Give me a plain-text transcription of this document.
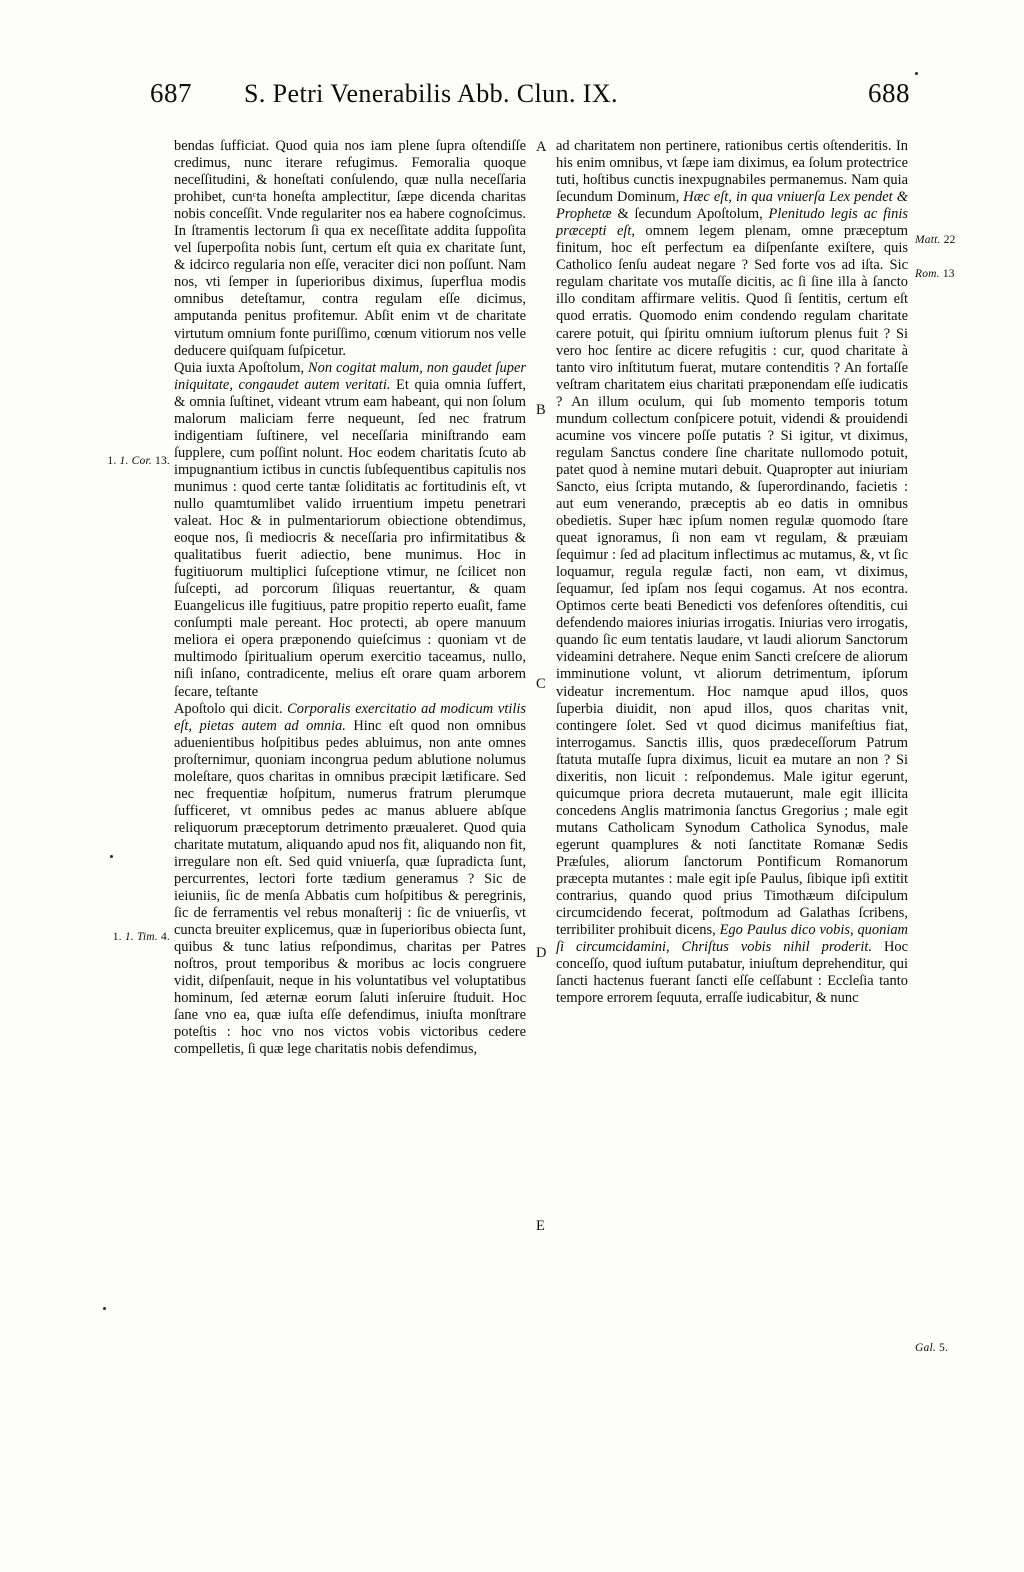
687	S. Petri Venerabilis Abb. Clun. IX.	688
1. 1. Cor. 13.
1. 1. Tim. 4.
Matt. 22
Rom. 13
Gal. 5.
A
B
C
D
E

bendas ſufficiat. Quod quia nos iam plene ſupra oſtendiſſe credimus, nunc iterare refugimus. Femoralia quoque neceſſitudini, & honeſtati conſulendo, quæ nulla neceſſaria prohibet, cunᶜta honeſta amplectitur, ſæpe dicenda charitas nobis conceſſit. Vnde regulariter nos ea habere cognoſcimus. In ſtramentis lectorum ſi qua ex neceſſitate addita ſuppoſita vel ſuperpoſita nobis ſunt, certum eſt quia ex charitate ſunt, & idcirco regularia non eſſe, veraciter dici non poſſunt. Nam nos, vti ſemper in ſuperioribus diximus, ſuperflua modis omnibus deteſtamur, contra regulam eſſe dicimus, amputanda penitus profitemur. Abſit enim vt de charitate virtutum omnium fonte puriſſimo, cœnum vitiorum nos velle deducere quiſquam ſuſpicetur.

Quia iuxta Apoſtolum, Non cogitat malum, non gaudet ſuper iniquitate, congaudet autem veritati. Et quia omnia ſuffert, & omnia ſuſtinet, videant vtrum eam habeant, qui non ſolum malorum maliciam ferre nequeunt, ſed nec fratrum indigentiam ſuſtinere, vel neceſſaria miniſtrando eam ſupplere, cum poſſint nolunt. Hoc eodem charitatis ſcuto ab impugnantium ictibus in cunctis ſubſequentibus capitulis nos munimus : quod certe tantæ ſoliditatis ac fortitudinis eſt, vt nullo quamtumlibet valido irruentium impetu penetrari valeat. Hoc & in pulmentariorum obiectione obtendimus, eoque nos, ſi mediocris & neceſſaria pro infirmitatibus & qualitatibus fuerit adiectio, bene munimus. Hoc in fugitiuorum multiplici ſuſceptione vtimur, ne ſcilicet non ſuſcepti, ad porcorum ſiliquas reuertantur, & quam Euangelicus ille fugitiuus, patre propitio reperto euaſit, fame conſumpti male pereant. Hoc protecti, ab opere manuum meliora ei opera præponendo quieſcimus : quoniam vt de multimodo ſpiritualium operum exercitio taceamus, nullo, niſi inſano, contradicente, melius eſt orare quam arborem ſecare, teſtante

Apoſtolo qui dicit. Corporalis exercitatio ad modicum vtilis eſt, pietas autem ad omnia. Hinc eſt quod non omnibus aduenientibus hoſpitibus pedes abluimus, non ante omnes proſternimur, quoniam incongrua pedum ablutione nolumus moleſtare, quos charitas in omnibus præcipit lætificare. Sed nec frequentiæ hoſpitum, numerus fratrum plerumque ſufficeret, vt omnibus pedes ac manus abluere abſque reliquorum præceptorum detrimento præualeret. Quod quia charitate mutatum, aliquando apud nos fit, aliquando non fit, irregulare non eſt. Sed quid vniuerſa, quæ ſupradicta ſunt, percurrentes, lectori forte tædium generamus ? Sic de ieiuniis, ſic de menſa Abbatis cum hoſpitibus & peregrinis, ſic de ferramentis vel rebus monaſterij : ſic de vniuerſis, vt cuncta breuiter explicemus, quæ in ſuperioribus obiecta ſunt, quibus & tunc latius reſpondimus, charitas per Patres noſtros, prout temporibus & moribus ac locis congruere vidit, diſpenſauit, neque in his voluntatibus vel voluptatibus hominum, ſed æternæ eorum ſaluti inſeruire ſtuduit. Hoc ſane vno ea, quæ iuſta eſſe defendimus, iniuſta monſtrare poteſtis : hoc vno nos victos vobis victoribus cedere compelletis, ſi quæ lege charitatis nobis defendimus,

ad charitatem non pertinere, rationibus certis oſtenderitis. In his enim omnibus, vt ſæpe iam diximus, ea ſolum protectrice tuti, hoſtibus cunctis inexpugnabiles permanemus. Nam quia ſecundum Dominum, Hæc eſt, in qua vniuerſa Lex pendet & Prophetæ & ſecundum Apoſtolum, Plenitudo legis ac finis præcepti eſt, omnem legem plenam, omne præceptum finitum, hoc eſt perfectum ea diſpenſante exiſtere, quis Catholico ſenſu audeat negare ? Sed forte vos ad iſta. Sic regulam charitate vos mutaſſe dicitis, ac ſi ſine illa à ſancto illo conditam affirmare velitis. Quod ſi ſentitis, certum eſt quod erratis. Quomodo enim condendo regulam charitate carere potuit, qui ſpiritu omnium iuſtorum plenus fuit ? Si vero hoc ſentire ac dicere refugitis : cur, quod charitate à tanto viro inſtitutum fuerat, mutare contenditis ? An fortaſſe veſtram charitatem eius charitati præponendam eſſe iudicatis ? An illum oculum, qui ſub momento temporis totum mundum collectum conſpicere potuit, videndi & prouidendi acumine vos vincere poſſe putatis ? Si igitur, vt diximus, regulam Sanctus condere ſine charitate nullomodo potuit, patet quod à nemine mutari debuit. Quapropter aut iniuriam Sancto, eius ſcripta mutando, & ſuperordinando, facietis : aut eum venerando, præceptis ab eo datis in omnibus obedietis. Super hæc ipſum nomen regulæ quomodo ſtare queat ignoramus, ſi non eam vt regulam, & præuiam ſequimur : ſed ad placitum inflectimus ac mutamus, &, vt ſic loquamur, regula regulæ facti, non eam, vt diximus, ſequamur, ſed ipſam nos ſequi cogamus. At nos econtra. Optimos certe beati Benedicti vos defenſores oſtenditis, cui defendendo maiores iniurias irrogatis. Iniurias vero irrogatis, quando ſic eum tentatis laudare, vt laudi aliorum Sanctorum videamini detrahere. Neque enim Sancti creſcere de aliorum imminutione volunt, vt aliorum detrimentum, ipſorum videatur incrementum. Hoc namque apud illos, quos ſuperbia diuidit, non apud illos, quos charitas vnit, contingere ſolet. Sed vt quod dicimus manifeſtius fiat, interrogamus. Sanctis illis, quos prædeceſſorum Patrum ſtatuta mutaſſe ſupra diximus, licuit ea mutare an non ? Si dixeritis, non licuit : reſpondemus. Male igitur egerunt, quicumque priora decreta mutauerunt, male egit illicita concedens Anglis matrimonia ſanctus Gregorius ; male egit mutans Catholicam Synodum Catholica Synodus, male egerunt quamplures & noti ſanctitate Romanæ Sedis Præſules, aliorum ſanctorum Pontificum Romanorum præcepta mutantes : male egit ipſe Paulus, ſibique ipſi extitit contrarius, quando quod prius Timothæum diſcipulum circumcidendo fecerat, poſtmodum ad Galathas ſcribens, terribiliter prohibuit dicens, Ego Paulus dico vobis, quoniam ſi circumcidamini, Chriſtus vobis nihil proderit. Hoc conceſſo, quod iuſtum putabatur, iniuſtum deprehenditur, qui ſancti hactenus fuerant ſancti eſſe ceſſabunt : Eccleſia tanto tempore errorem ſequuta, erraſſe iudicabitur, & nunc
